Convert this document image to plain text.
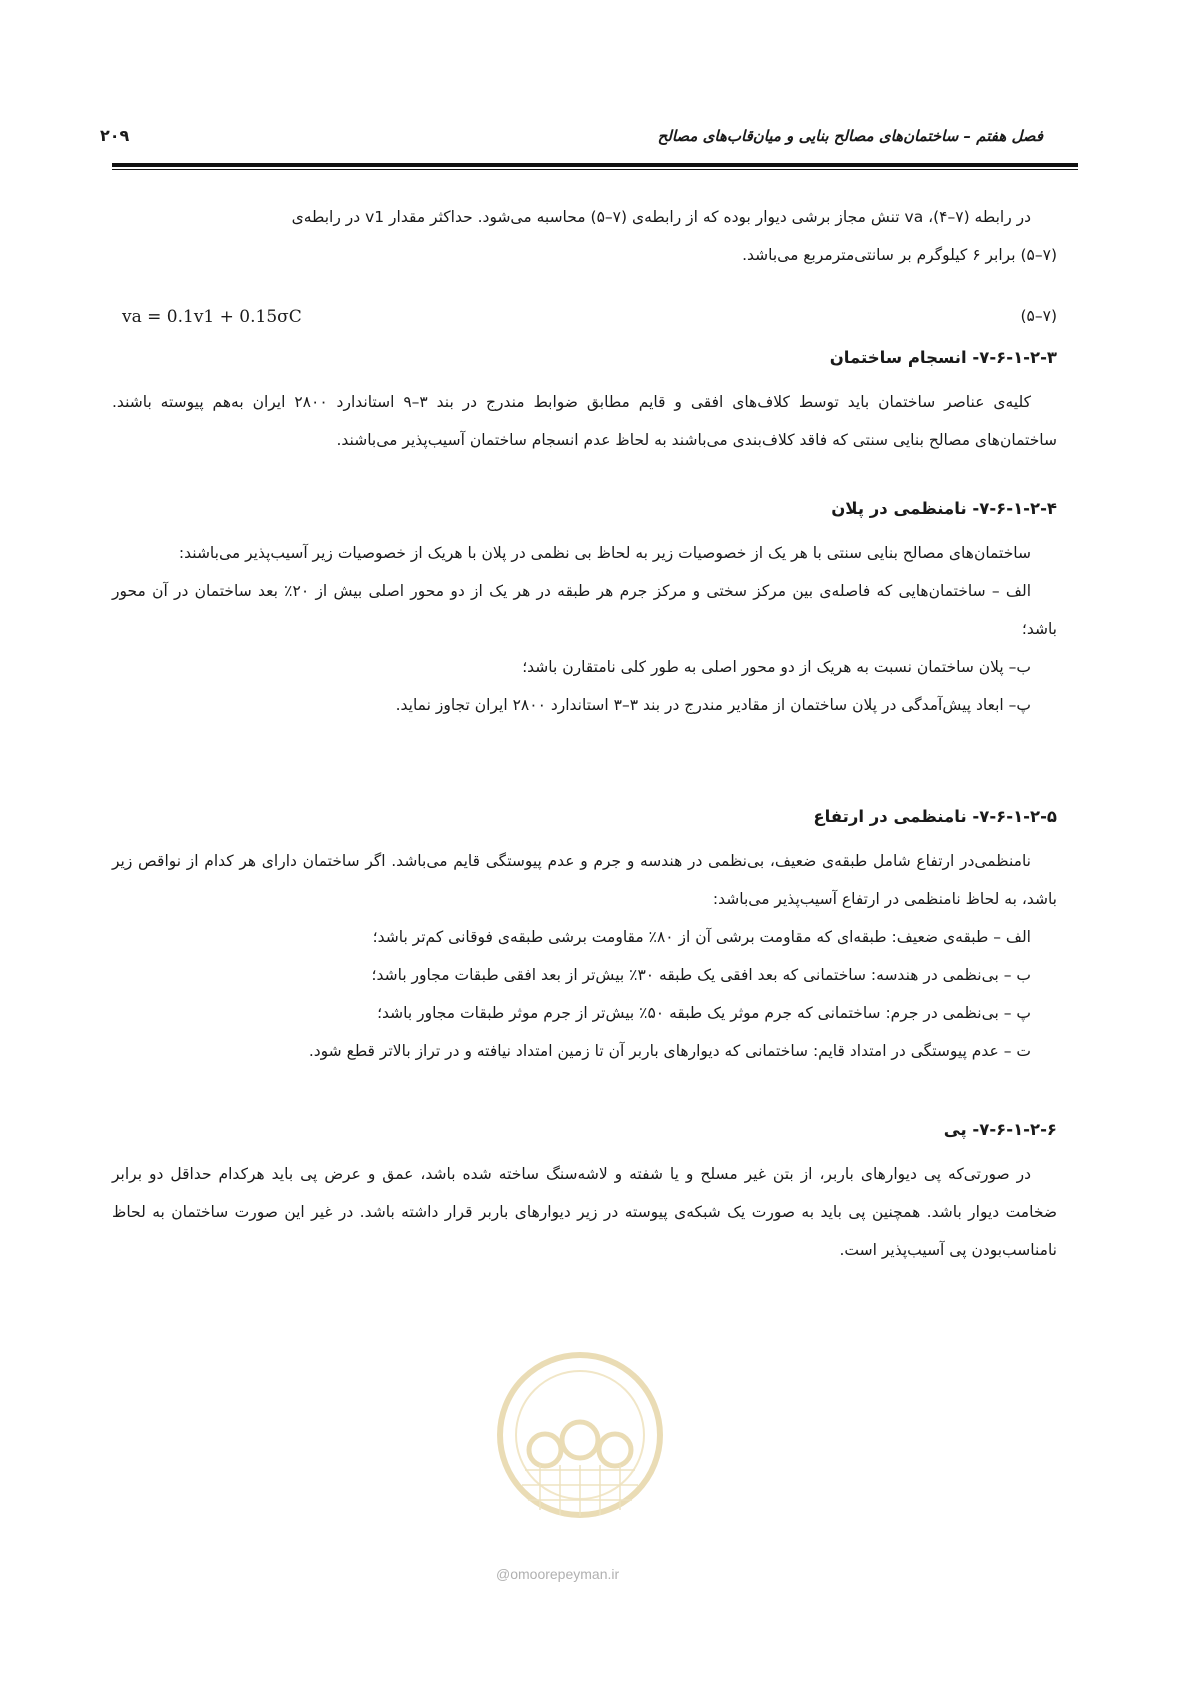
فصل هفتم – ساختمان‌های مصالح بنایی و میان‌قاب‌های مصالح
۲۰۹

در رابطه (۷–۴)، va تنش مجاز برشی دیوار بوده که از رابطه‌ی (۷–۵) محاسبه می‌شود. حداکثر مقدار v1 در رابطه‌ی

(۷–۵) برابر ۶ کیلوگرم بر سانتی‌مترمربع می‌باشد.

va = 0.1v1 + 0.15σC	(۷–۵)

۷-۶-۱-۲-۳- انسجام ساختمان

کلیه‌ی عناصر ساختمان باید توسط کلاف‌های افقی و قایم مطابق ضوابط مندرج در بند ۳–۹ استاندارد ۲۸۰۰ ایران به‌هم پیوسته باشند. ساختمان‌های مصالح بنایی سنتی که فاقد کلاف‌بندی می‌باشند به لحاظ عدم انسجام ساختمان آسیب‌پذیر می‌باشند.

۷-۶-۱-۲-۴- نامنظمی در پلان

ساختمان‌های مصالح بنایی سنتی با هر یک از خصوصیات زیر به لحاظ بی نظمی در پلان با هریک از خصوصیات زیر آسیب‌پذیر می‌باشند:

الف – ساختمان‌هایی که فاصله‌ی بین مرکز سختی و مرکز جرم هر طبقه در هر یک از دو محور اصلی بیش از ۲۰٪ بعد ساختمان در آن محور باشد؛

ب– پلان ساختمان نسبت به هریک از دو محور اصلی به طور کلی نامتقارن باشد؛

پ– ابعاد پیش‌آمدگی در پلان ساختمان از مقادیر مندرج در بند ۳–۳ استاندارد ۲۸۰۰ ایران تجاوز نماید.

۷-۶-۱-۲-۵- نامنظمی در ارتفاع

نامنظمی‌در ارتفاع شامل طبقه‌ی ضعیف، بی‌نظمی در هندسه و جرم و عدم پیوستگی قایم می‌باشد. اگر ساختمان دارای هر کدام از نواقص زیر باشد، به لحاظ نامنظمی در ارتفاع آسیب‌پذیر می‌باشد:

الف – طبقه‌ی ضعیف: طبقه‌ای که مقاومت برشی آن از ۸۰٪ مقاومت برشی طبقه‌ی فوقانی کم‌تر باشد؛

ب – بی‌نظمی در هندسه: ساختمانی که بعد افقی یک طبقه ۳۰٪ بیش‌تر از بعد افقی طبقات مجاور باشد؛

پ – بی‌نظمی در جرم: ساختمانی که جرم موثر یک طبقه ۵۰٪ بیش‌تر از جرم موثر طبقات مجاور باشد؛

ت – عدم پیوستگی در امتداد قایم: ساختمانی که دیوارهای باربر آن تا زمین امتداد نیافته و در تراز بالاتر قطع شود.

۷-۶-۱-۲-۶- پی

در صورتی‌که پی دیوارهای باربر، از بتن غیر مسلح و یا شفته و لاشه‌سنگ ساخته شده باشد، عمق و عرض پی باید هرکدام حداقل دو برابر ضخامت دیوار باشد. همچنین پی باید به صورت یک شبکه‌ی پیوسته در زیر دیوارهای باربر قرار داشته باشد. در غیر این صورت ساختمان به لحاظ نامناسب‌بودن پی آسیب‌پذیر است.

@omoorepeyman.ir
